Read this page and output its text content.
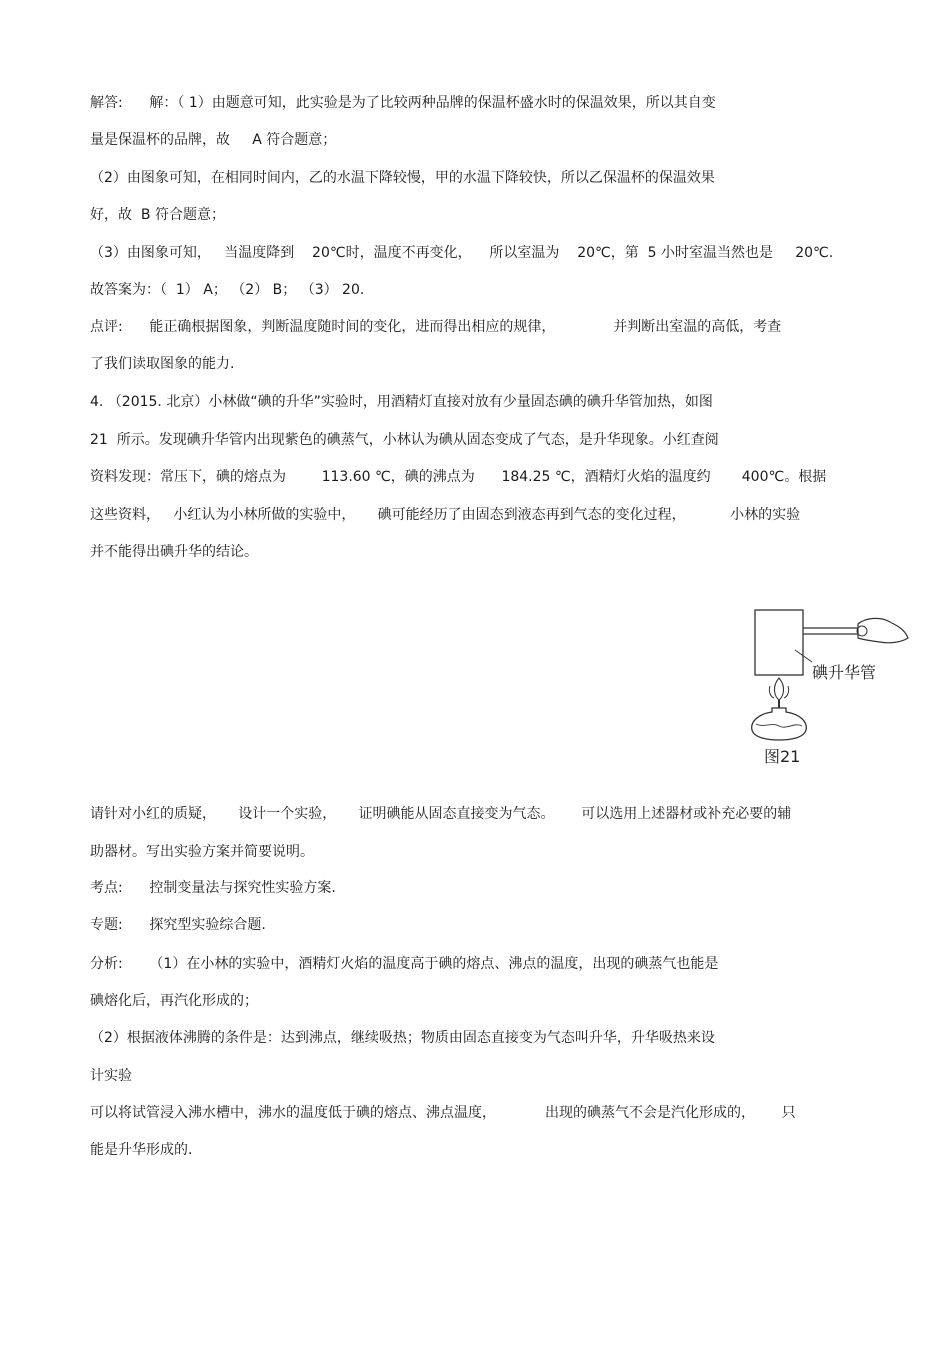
解答:      解：（ 1）由题意可知，此实验是为了比较两种品牌的保温杯盛水时的保温效果，所以其自变
量是保温杯的品牌，故     A 符合题意；
（2）由图象可知，在相同时间内，乙的水温下降较慢，甲的水温下降较快，所以乙保温杯的保温效果
好，故  B 符合题意；
（3）由图象可知，   当温度降到    20℃时，温度不再变化，    所以室温为    20℃，第  5 小时室温当然也是     20℃.
故答案为：（  1） A； （2） B； （3） 20.
点评:      能正确根据图象，判断温度随时间的变化，进而得出相应的规律，             并判断出室温的高低，考查
了我们读取图象的能力.
4. （2015. 北京）小林做“碘的升华”实验时，用酒精灯直接对放有少量固态碘的碘升华管加热，如图
21  所示。发现碘升华管内出现紫色的碘蒸气，小林认为碘从固态变成了气态，是升华现象。小红查阅
资料发现：常压下，碘的熔点为        113.60 ℃，碘的沸点为      184.25 ℃，酒精灯火焰的温度约       400℃。根据
这些资料，   小红认为小林所做的实验中，     碘可能经历了由固态到液态再到气态的变化过程，          小林的实验
并不能得出碘升华的结论。
碘升华管
图21
请针对小红的质疑，     设计一个实验，     证明碘能从固态直接变为气态。      可以选用上述器材或补充必要的辅
助器材。写出实验方案并简要说明。
考点:      控制变量法与探究性实验方案.
专题:      探究型实验综合题.
分析:      （1）在小林的实验中，酒精灯火焰的温度高于碘的熔点、沸点的温度，出现的碘蒸气也能是
碘熔化后，再汽化形成的；
（2）根据液体沸腾的条件是：达到沸点，继续吸热；物质由固态直接变为气态叫升华，升华吸热来设
计实验
可以将试管浸入沸水槽中，沸水的温度低于碘的熔点、沸点温度，           出现的碘蒸气不会是汽化形成的，      只
能是升华形成的.
